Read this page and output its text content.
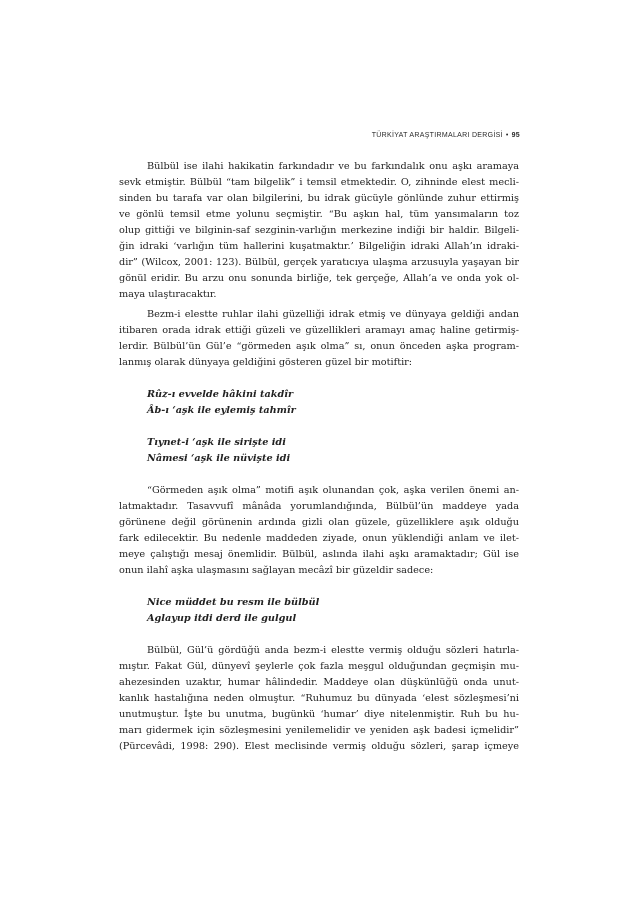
TÜRKİYAT ARAŞTIRMALARI DERGİSİ • 95

Bülbül ise ilahi hakikatin farkındadır ve bu farkındalık onu aşkı aramaya
sevk etmiştir. Bülbül “tam bilgelik” i temsil etmektedir. O, zihninde elest mecli-
sinden bu tarafa var olan bilgilerini, bu idrak gücüyle gönlünde zuhur ettirmiş
ve gönlü temsil etme yolunu seçmiştir. “Bu aşkın hal, tüm yansımaların toz
olup gittiği ve bilginin-saf sezginin-varlığın merkezine indiği bir haldir. Bilgeli-
ğin idraki ‘varlığın tüm hallerini kuşatmaktır.’ Bilgeliğin idraki Allah’ın idraki-
dir” (Wilcox, 2001: 123). Bülbül, gerçek yaratıcıya ulaşma arzusuyla yaşayan bir
gönül eridir. Bu arzu onu sonunda birliğe, tek gerçeğe, Allah’a ve onda yok ol-
maya ulaştıracaktır.

Bezm-i elestte ruhlar ilahi güzelliği idrak etmiş ve dünyaya geldiği andan
itibaren orada idrak ettiği güzeli ve güzellikleri aramayı amaç haline getirmiş-
lerdir. Bülbül’ün Gül’e “görmeden aşık olma” sı, onun önceden aşka program-
lanmış olarak dünyaya geldiğini gösteren güzel bir motiftir:

Rûz-ı evvelde hâkini takdîr
Âb-ı ‘aşk ile eylemiş tahmîr
Tıynet-i ‘aşk ile sirişte idi
Nâmesi ‘aşk ile nüvişte idi

“Görmeden aşık olma” motifi aşık olunandan çok, aşka verilen önemi an-
latmaktadır. Tasavvufî mânâda yorumlandığında, Bülbül’ün maddeye yada
görünene değil görünenin ardında gizli olan güzele, güzelliklere aşık olduğu
fark edilecektir. Bu nedenle maddeden ziyade, onun yüklendiği anlam ve ilet-
meye çalıştığı mesaj önemlidir. Bülbül, aslında ilahi aşkı aramaktadır; Gül ise
onun ilahî aşka ulaşmasını sağlayan mecâzî bir güzeldir sadece:

Nice müddet bu resm ile bülbül
Aglayup itdi derd ile gulgul

Bülbül, Gül’ü gördüğü anda bezm-i elestte vermiş olduğu sözleri hatırla-
mıştır. Fakat Gül, dünyevî şeylerle çok fazla meşgul olduğundan geçmişin mu-
ahezesinden uzaktır, humar hâlindedir. Maddeye olan düşkünlüğü onda unut-
kanlık hastalığına neden olmuştur. “Ruhumuz bu dünyada ‘elest sözleşmesi’ni
unutmuştur. İşte bu unutma, bugünkü ‘humar’ diye nitelenmiştir. Ruh bu hu-
marı gidermek için sözleşmesini yenilemelidir ve yeniden aşk badesi içmelidir”
(Pürcevâdi, 1998: 290). Elest meclisinde vermiş olduğu sözleri, şarap içmeye
